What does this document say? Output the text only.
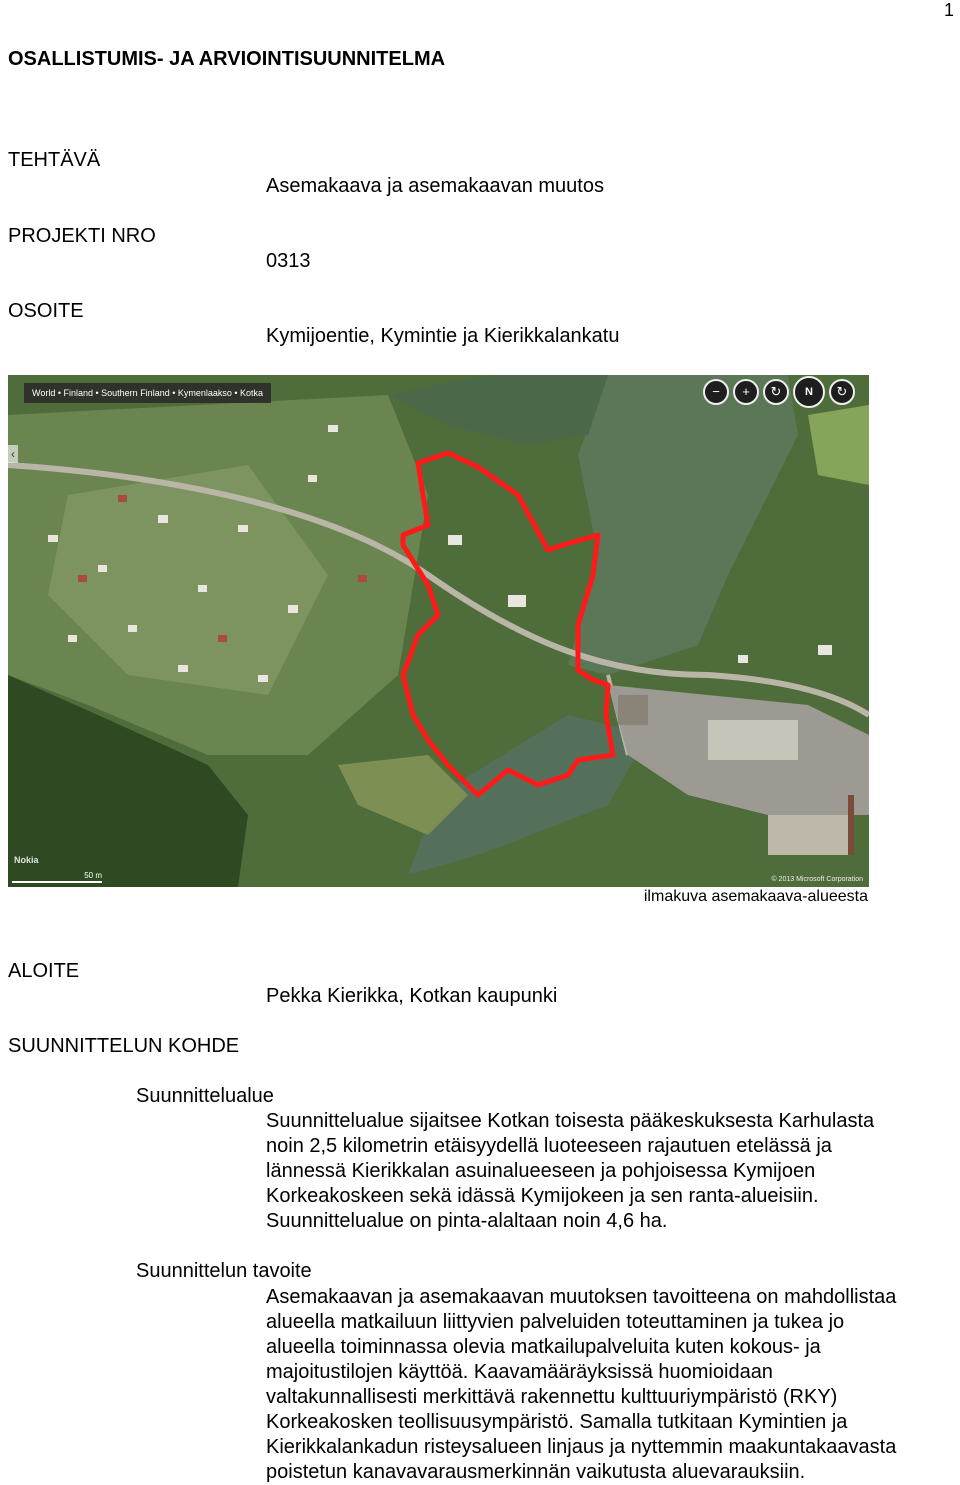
1
OSALLISTUMIS- JA ARVIOINTISUUNNITELMA
TEHTÄVÄ
Asemakaava ja asemakaavan muutos
PROJEKTI NRO
0313
OSOITE
Kymijoentie, Kymintie ja Kierikkalankatu
World • Finland • Southern Finland • Kymenlaakso • Kotka	−	+	↻	N	↻
‹
Nokia
50 m	© 2013 Microsoft Corporation
ilmakuva asemakaava-alueesta
ALOITE
Pekka Kierikka, Kotkan kaupunki
SUUNNITTELUN KOHDE
Suunnittelualue
Suunnittelualue sijaitsee Kotkan toisesta pääkeskuksesta Karhulasta
noin 2,5 kilometrin etäisyydellä luoteeseen rajautuen etelässä ja
lännessä Kierikkalan asuinalueeseen ja pohjoisessa Kymijoen
Korkeakoskeen sekä idässä Kymijokeen ja sen ranta-alueisiin.
Suunnittelualue on pinta-alaltaan noin 4,6 ha.
Suunnittelun tavoite
Asemakaavan ja asemakaavan muutoksen tavoitteena on mahdollistaa
alueella matkailuun liittyvien palveluiden toteuttaminen ja tukea jo
alueella toiminnassa olevia matkailupalveluita kuten kokous- ja
majoitustilojen käyttöä. Kaavamääräyksissä huomioidaan
valtakunnallisesti merkittävä rakennettu kulttuuriympäristö (RKY)
Korkeakosken teollisuusympäristö. Samalla tutkitaan Kymintien ja
Kierikkalankadun risteysalueen linjaus ja nyttemmin maakuntakaavasta
poistetun kanavavarausmerkinnän vaikutusta aluevarauksiin.
